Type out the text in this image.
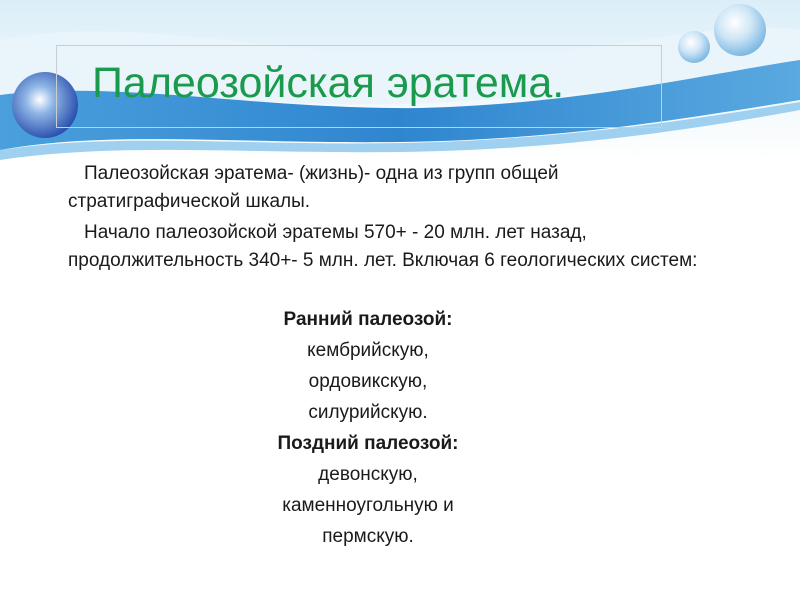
Палеозойская эратема.

Палеозойская эратема- (жизнь)- одна из групп общей стратиграфической шкалы.

Начало палеозойской эратемы 570+ - 20 млн. лет назад, продолжительность 340+- 5 млн. лет. Включая 6 геологических систем:

Ранний палеозой:
кембрийскую,
ордовикскую,
силурийскую.
Поздний палеозой:
девонскую,
каменноугольную и
пермскую.
